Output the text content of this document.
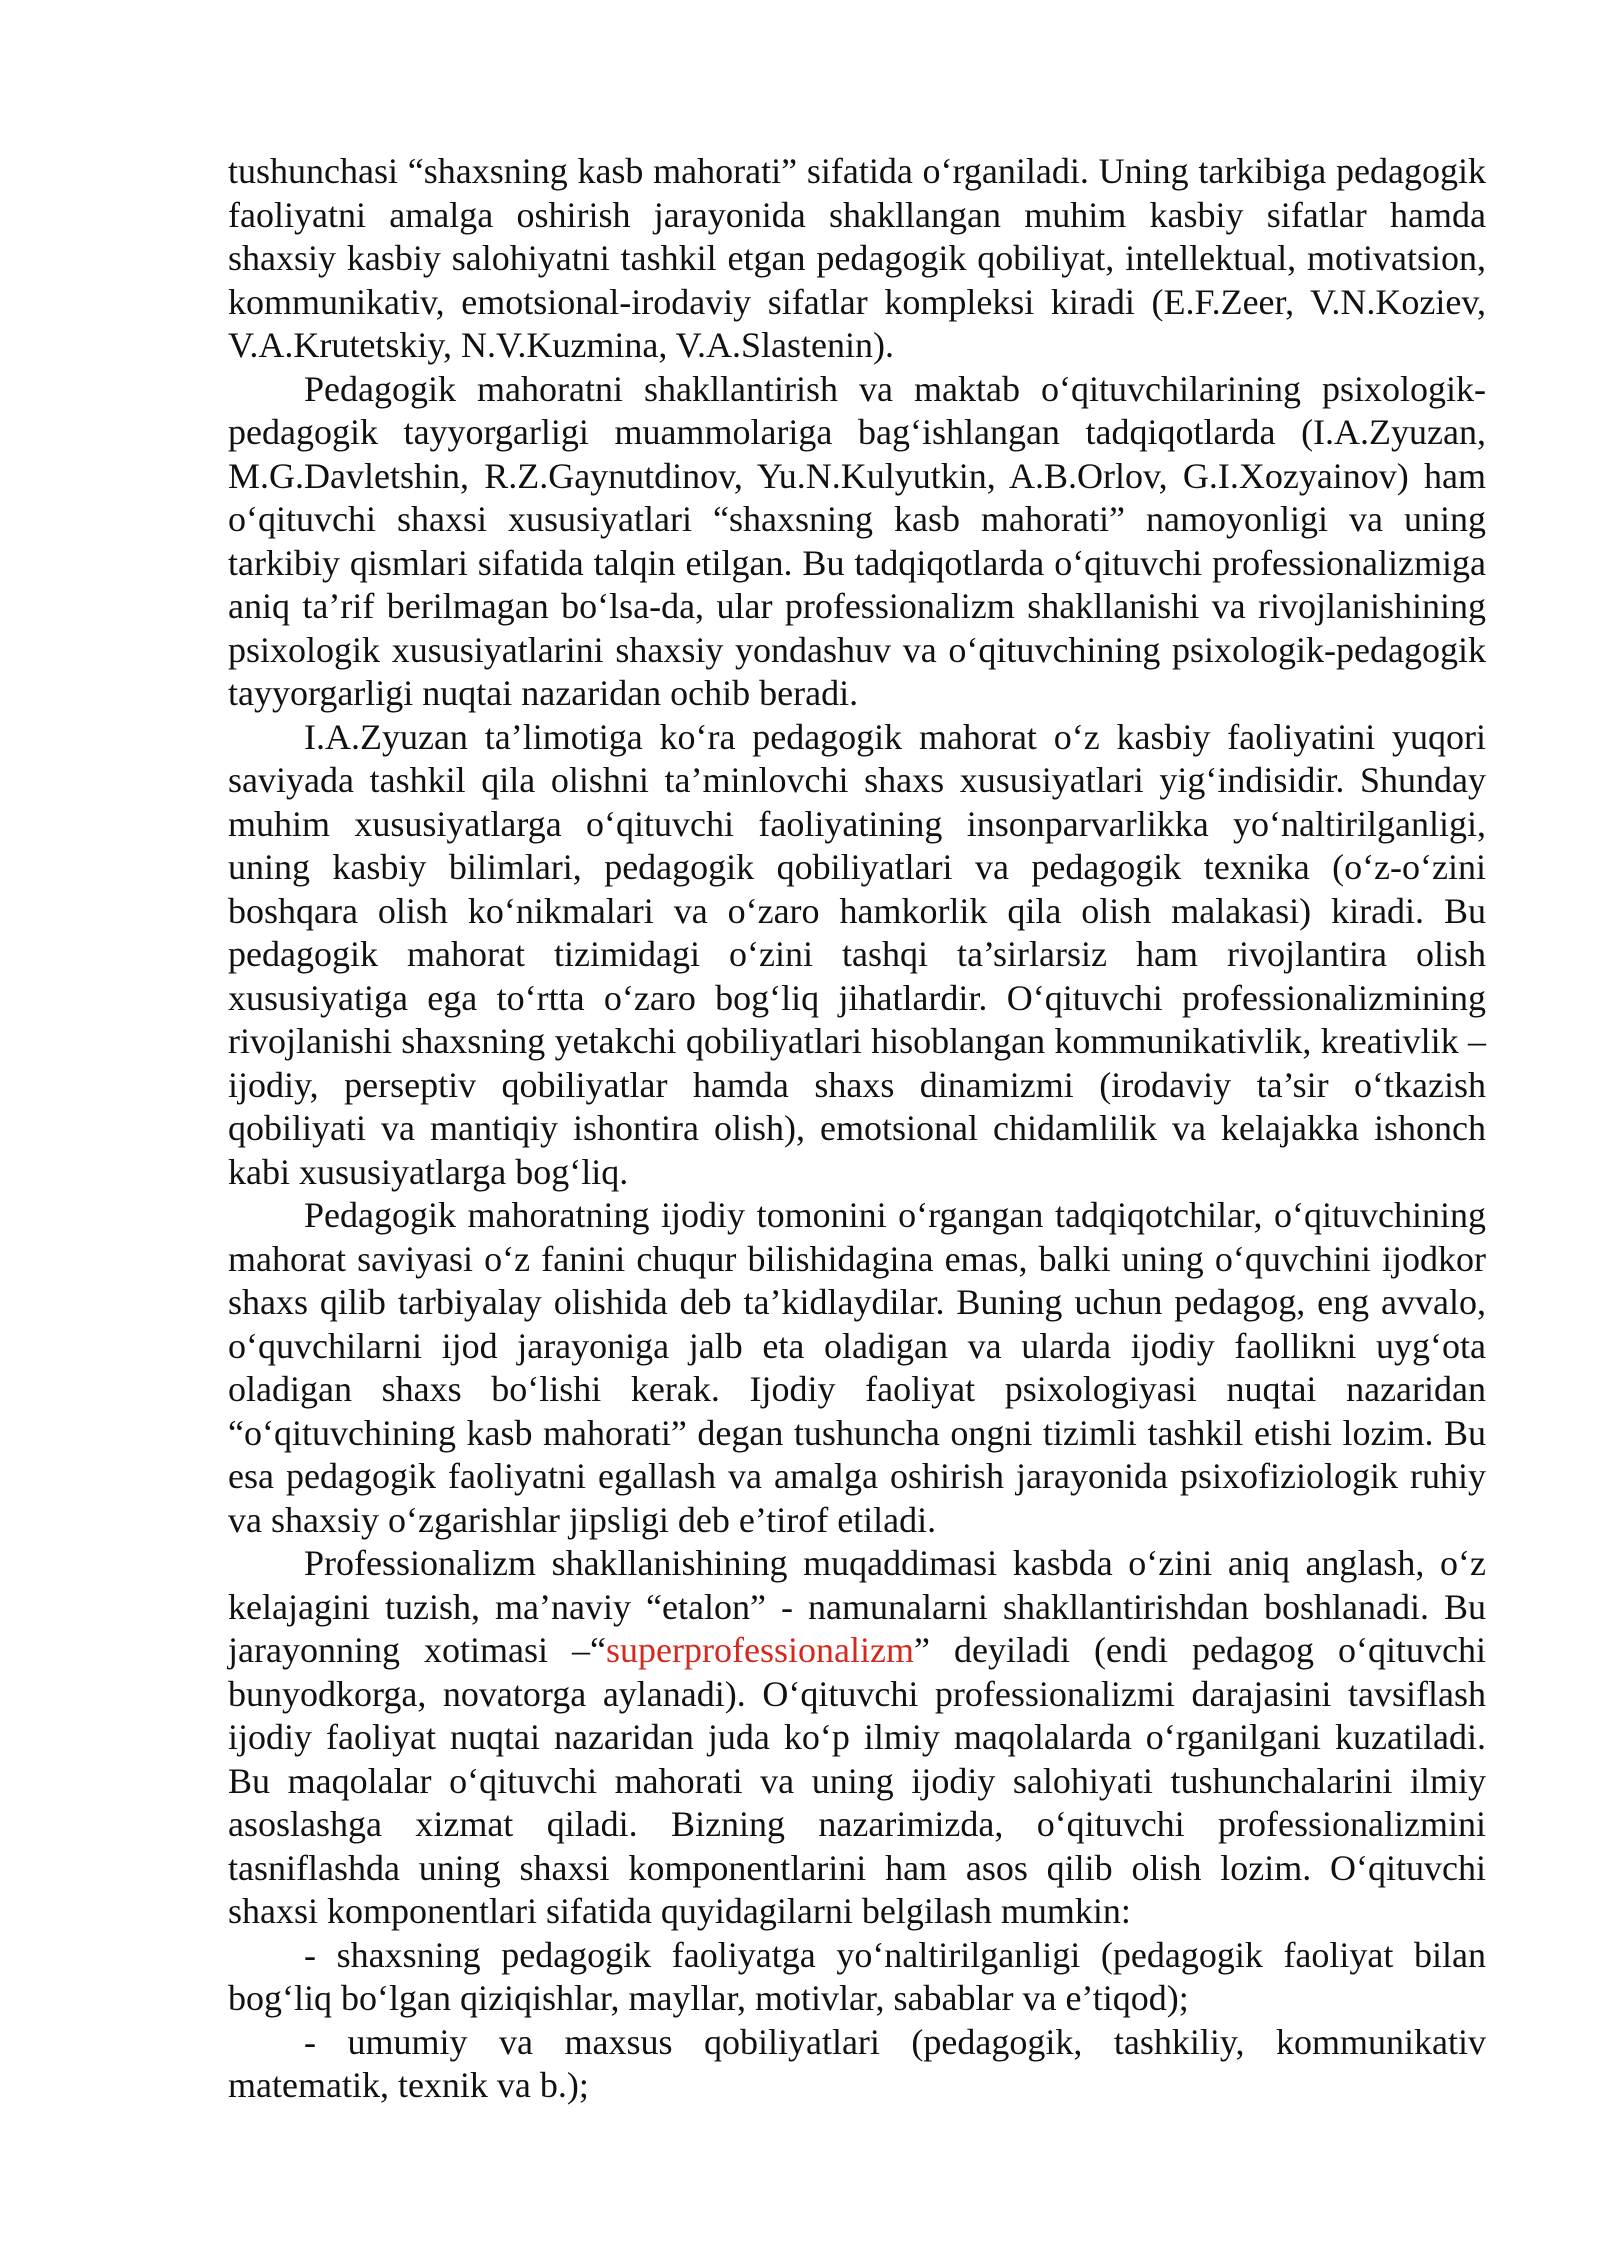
tushunchasi “shaxsning kasb mahorati” sifatida o‘rganiladi. Uning tarkibiga pedagogik faoliyatni amalga oshirish jarayonida shakllangan muhim kasbiy sifatlar hamda shaxsiy kasbiy salohiyatni tashkil etgan pedagogik qobiliyat, intellektual, motivatsion, kommunikativ, emotsional-irodaviy sifatlar kompleksi kiradi (E.F.Zeer, V.N.Koziev, V.A.Krutetskiy, N.V.Kuzmina, V.A.Slastenin).

Pedagogik mahoratni shakllantirish va maktab o‘qituvchilarining psixologik-pedagogik tayyorgarligi muammolariga bag‘ishlangan tadqiqotlarda (I.A.Zyuzan, M.G.Davletshin, R.Z.Gaynutdinov, Yu.N.Kulyutkin, A.B.Orlov, G.I.Xozyainov) ham o‘qituvchi shaxsi xususiyatlari “shaxsning kasb mahorati” namoyonligi va uning tarkibiy qismlari sifatida talqin etilgan. Bu tadqiqotlarda o‘qituvchi professionalizmiga aniq ta’rif berilmagan bo‘lsa-da, ular professionalizm shakllanishi va rivojlanishining psixologik xususiyatlarini shaxsiy yondashuv va o‘qituvchining psixologik-pedagogik tayyorgarligi nuqtai nazaridan ochib beradi.

I.A.Zyuzan ta’limotiga ko‘ra pedagogik mahorat o‘z kasbiy faoliyatini yuqori saviyada tashkil qila olishni ta’minlovchi shaxs xususiyatlari yig‘indisidir. Shunday muhim xususiyatlarga o‘qituvchi faoliyatining insonparvarlikka yo‘naltirilganligi, uning kasbiy bilimlari, pedagogik qobiliyatlari va pedagogik texnika (o‘z-o‘zini boshqara olish ko‘nikmalari va o‘zaro hamkorlik qila olish malakasi) kiradi. Bu pedagogik mahorat tizimidagi o‘zini tashqi ta’sirlarsiz ham rivojlantira olish xususiyatiga ega to‘rtta o‘zaro bog‘liq jihatlardir. O‘qituvchi professionalizmining rivojlanishi shaxsning yetakchi qobiliyatlari hisoblangan kommunikativlik, kreativlik – ijodiy, perseptiv qobiliyatlar hamda shaxs dinamizmi (irodaviy ta’sir o‘tkazish qobiliyati va mantiqiy ishontira olish), emotsional chidamlilik va kelajakka ishonch kabi xususiyatlarga bog‘liq.

Pedagogik mahoratning ijodiy tomonini o‘rgangan tadqiqotchilar, o‘qituvchining mahorat saviyasi o‘z fanini chuqur bilishidagina emas, balki uning o‘quvchini ijodkor shaxs qilib tarbiyalay olishida deb ta’kidlaydilar. Buning uchun pedagog, eng avvalo, o‘quvchilarni ijod jarayoniga jalb eta oladigan va ularda ijodiy faollikni uyg‘ota oladigan shaxs bo‘lishi kerak. Ijodiy faoliyat psixologiyasi nuqtai nazaridan “o‘qituvchining kasb mahorati” degan tushuncha ongni tizimli tashkil etishi lozim. Bu esa pedagogik faoliyatni egallash va amalga oshirish jarayonida psixofiziologik ruhiy va shaxsiy o‘zgarishlar jipsligi deb e’tirof etiladi.

Professionalizm shakllanishining muqaddimasi kasbda o‘zini aniq anglash, o‘z kelajagini tuzish, ma’naviy “etalon” - namunalarni shakllantirishdan boshlanadi. Bu jarayonning xotimasi –“superprofessionalizm” deyiladi (endi pedagog o‘qituvchi bunyodkorga, novatorga aylanadi). O‘qituvchi professionalizmi darajasini tavsiflash ijodiy faoliyat nuqtai nazaridan juda ko‘p ilmiy maqolalarda o‘rganilgani kuzatiladi. Bu maqolalar o‘qituvchi mahorati va uning ijodiy salohiyati tushunchalarini ilmiy asoslashga xizmat qiladi. Bizning nazarimizda, o‘qituvchi professionalizmini tasniflashda uning shaxsi komponentlarini ham asos qilib olish lozim. O‘qituvchi shaxsi komponentlari sifatida quyidagilarni belgilash mumkin:

- shaxsning pedagogik faoliyatga yo‘naltirilganligi (pedagogik faoliyat bilan bog‘liq bo‘lgan qiziqishlar, mayllar, motivlar, sabablar va e’tiqod);

- umumiy va maxsus qobiliyatlari (pedagogik, tashkiliy, kommunikativ matematik, texnik va b.);
